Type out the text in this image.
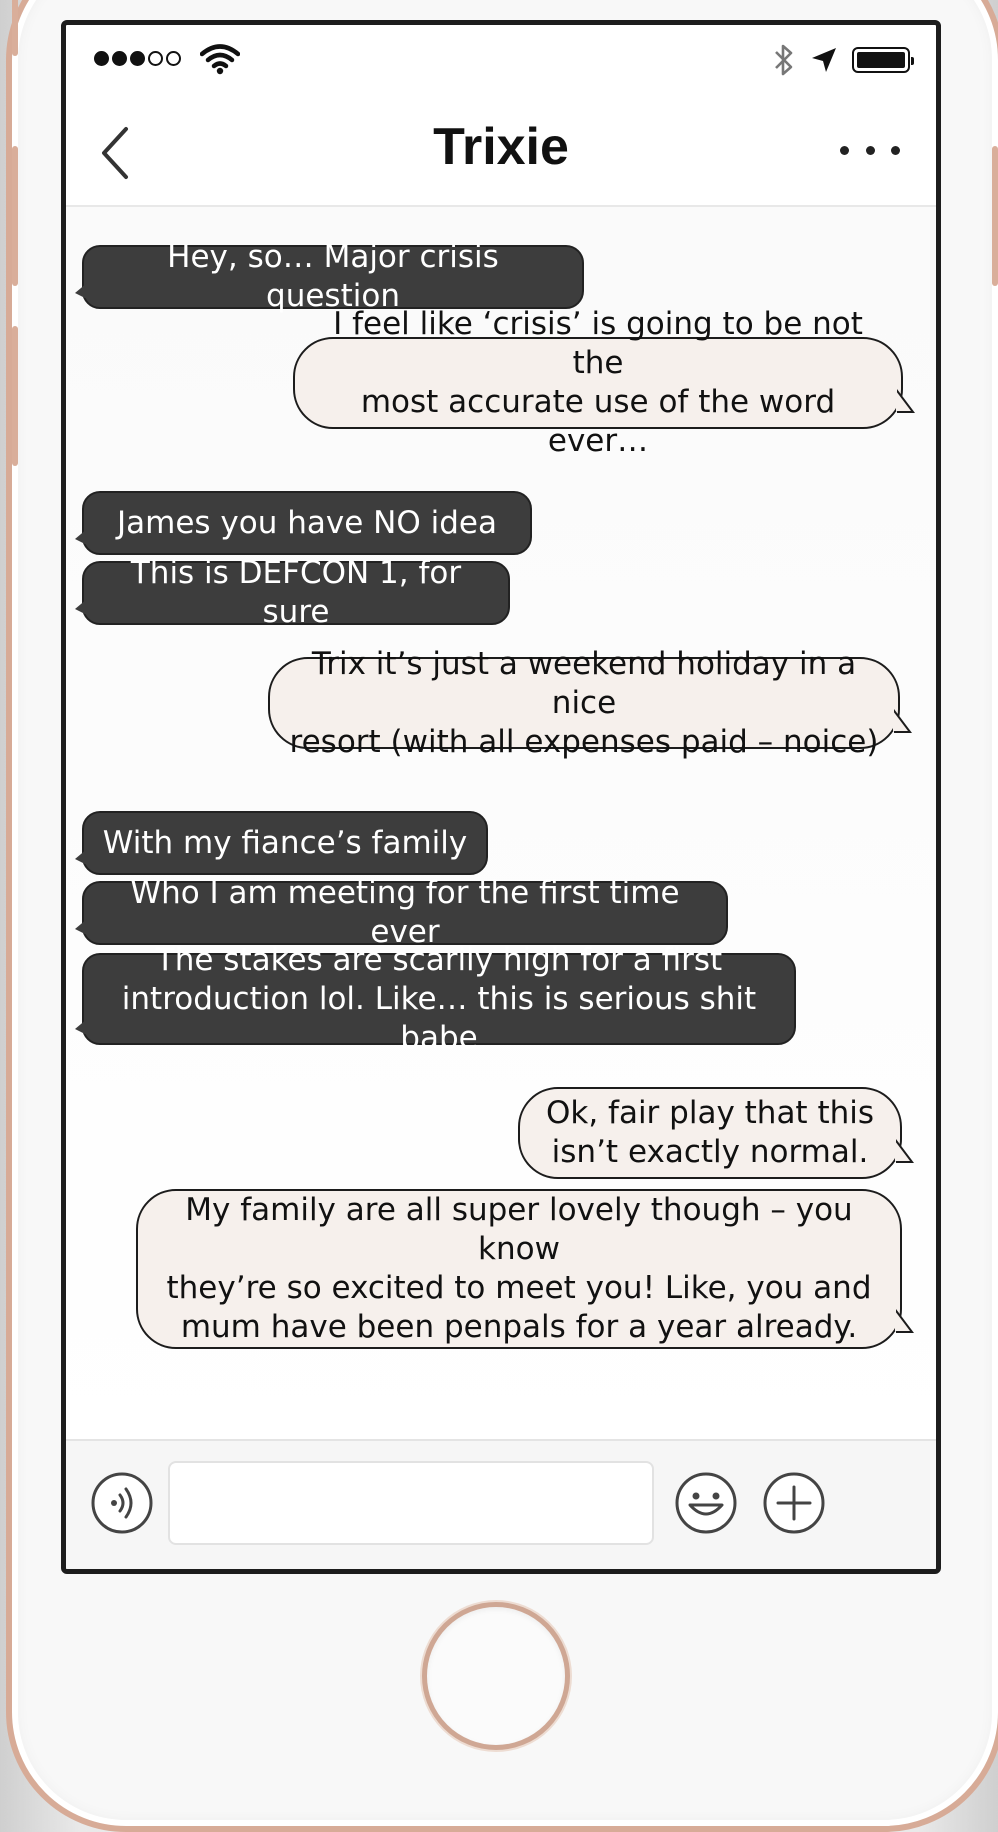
Trixie
Hey, so… Major crisis question
I feel like ‘crisis’ is going to be not the
most accurate use of the word ever…
James you have NO idea
This is DEFCON 1, for sure
Trix it’s just a weekend holiday in a nice
resort (with all expenses paid – noice)
With my fiance’s family
Who I am meeting for the first time ever
The stakes are scarily high for a first
introduction lol. Like… this is serious shit babe
Ok, fair play that this
isn’t exactly normal.
My family are all super lovely though – you know
they’re so excited to meet you! Like, you and
mum have been penpals for a year already.
